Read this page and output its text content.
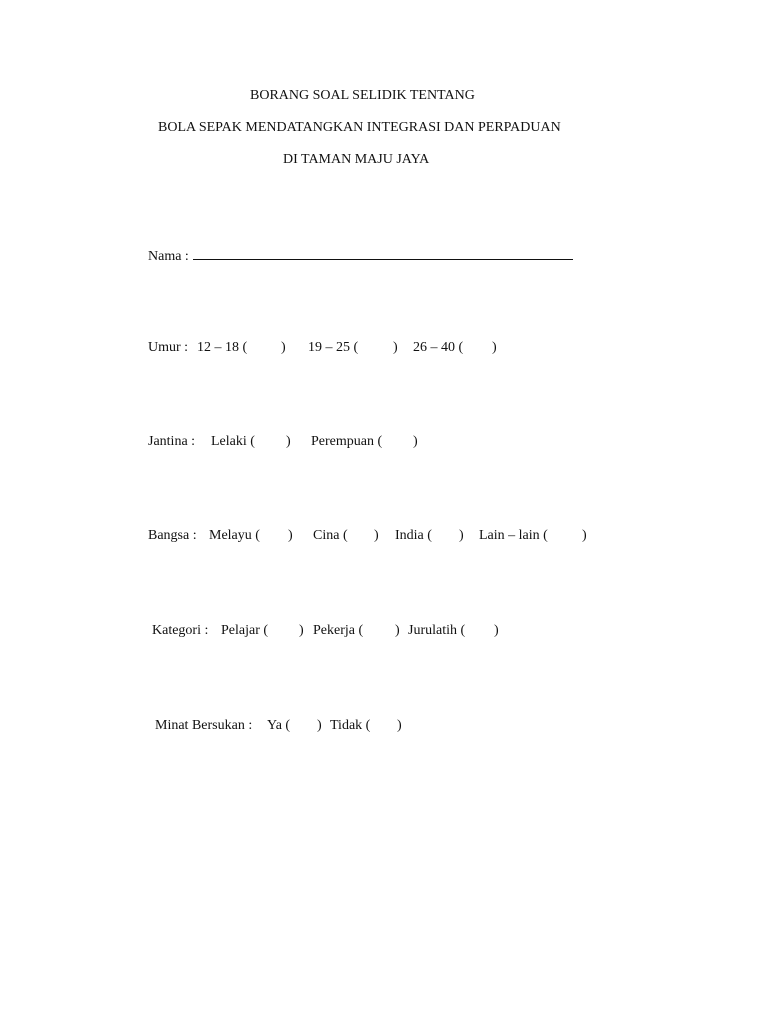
BORANG SOAL SELIDIK TENTANG
BOLA SEPAK MENDATANGKAN INTEGRASI DAN PERPADUAN
DI TAMAN MAJU JAYA
Nama :
Umur : 12 – 18 ( ) 19 – 25 ( ) 26 – 40 ( )
Jantina : Lelaki ( ) Perempuan ( )
Bangsa : Melayu ( ) Cina ( ) India ( ) Lain – lain ( )
Kategori : Pelajar ( ) Pekerja ( ) Jurulatih ( )
Minat Bersukan : Ya ( ) Tidak ( )
